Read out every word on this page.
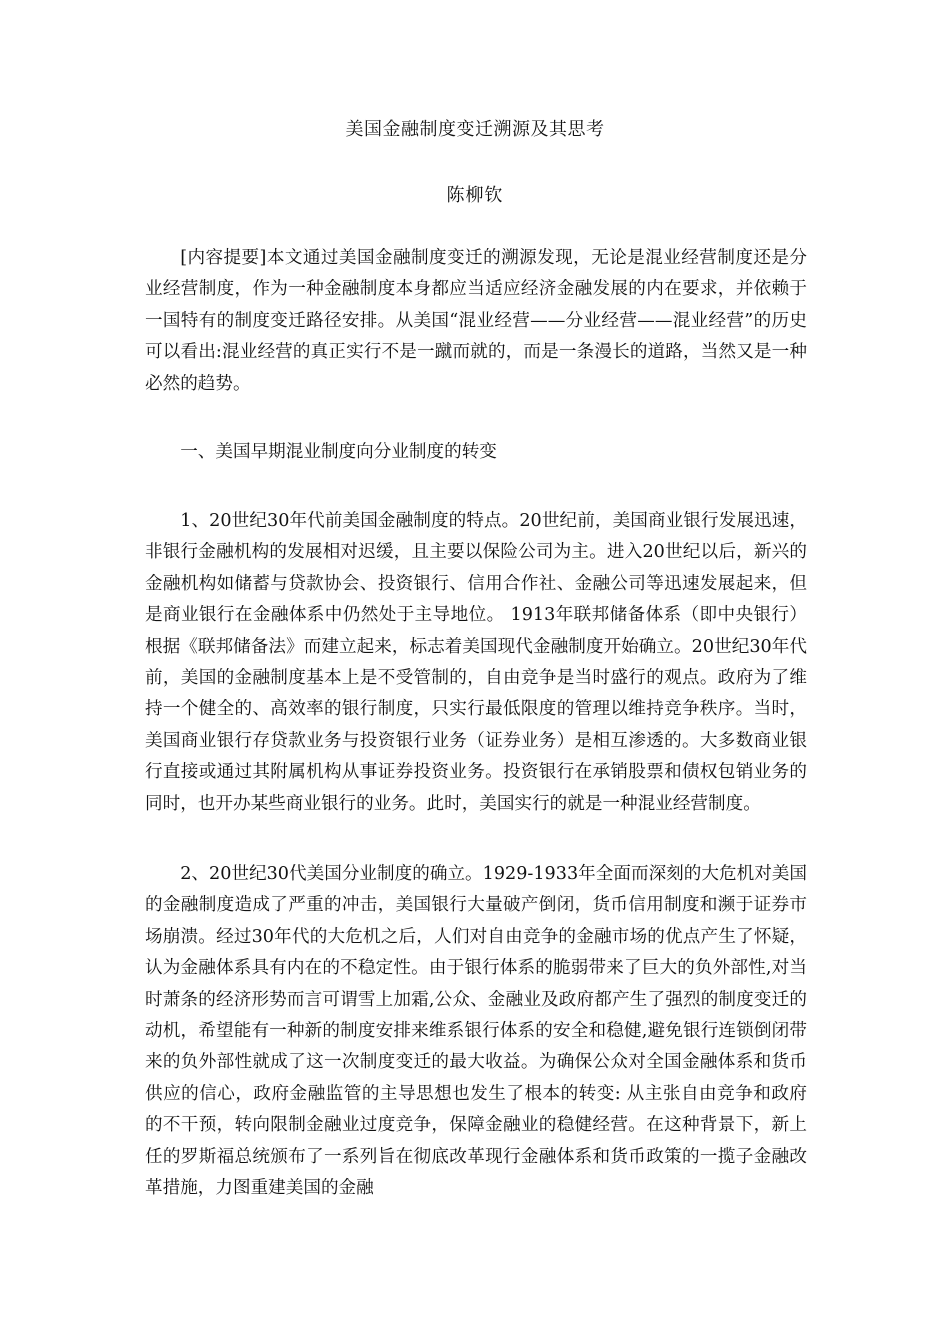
美国金融制度变迁溯源及其思考
陈柳钦

[内容提要]本文通过美国金融制度变迁的溯源发现，无论是混业经营制度还是分业经营制度，作为一种金融制度本身都应当适应经济金融发展的内在要求，并依赖于一国特有的制度变迁路径安排。从美国“混业经营——分业经营——混业经营”的历史可以看出:混业经营的真正实行不是一蹴而就的，而是一条漫长的道路，当然又是一种必然的趋势。

一、美国早期混业制度向分业制度的转变

1、20世纪30年代前美国金融制度的特点。20世纪前，美国商业银行发展迅速，非银行金融机构的发展相对迟缓，且主要以保险公司为主。进入20世纪以后，新兴的金融机构如储蓄与贷款协会、投资银行、信用合作社、金融公司等迅速发展起来，但是商业银行在金融体系中仍然处于主导地位。 1913年联邦储备体系（即中央银行）根据《联邦储备法》而建立起来，标志着美国现代金融制度开始确立。20世纪30年代前，美国的金融制度基本上是不受管制的，自由竞争是当时盛行的观点。政府为了维持一个健全的、高效率的银行制度，只实行最低限度的管理以维持竞争秩序。当时，美国商业银行存贷款业务与投资银行业务（证券业务）是相互渗透的。大多数商业银行直接或通过其附属机构从事证券投资业务。投资银行在承销股票和债权包销业务的同时，也开办某些商业银行的业务。此时，美国实行的就是一种混业经营制度。

2、20世纪30代美国分业制度的确立。1929-1933年全面而深刻的大危机对美国的金融制度造成了严重的冲击，美国银行大量破产倒闭，货币信用制度和濒于证券市场崩溃。经过30年代的大危机之后，人们对自由竞争的金融市场的优点产生了怀疑，认为金融体系具有内在的不稳定性。由于银行体系的脆弱带来了巨大的负外部性,对当时萧条的经济形势而言可谓雪上加霜,公众、金融业及政府都产生了强烈的制度变迁的动机，希望能有一种新的制度安排来维系银行体系的安全和稳健,避免银行连锁倒闭带来的负外部性就成了这一次制度变迁的最大收益。为确保公众对全国金融体系和货币供应的信心，政府金融监管的主导思想也发生了根本的转变: 从主张自由竞争和政府的不干预，转向限制金融业过度竞争，保障金融业的稳健经营。在这种背景下，新上任的罗斯福总统颁布了一系列旨在彻底改革现行金融体系和货币政策的一揽子金融改革措施，力图重建美国的金融
